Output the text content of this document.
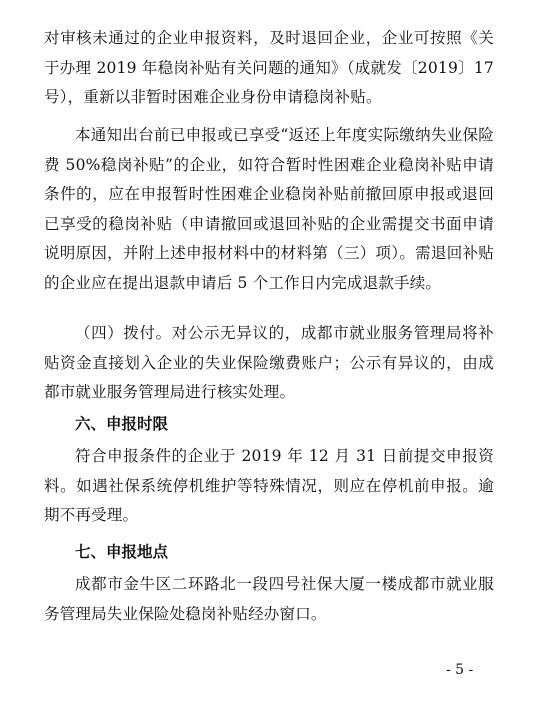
对审核未通过的企业申报资料，及时退回企业，企业可按照《关于办理 2019 年稳岗补贴有关问题的通知》（成就发〔2019〕17 号），重新以非暂时困难企业身份申请稳岗补贴。

本通知出台前已申报或已享受“返还上年度实际缴纳失业保险费 50%稳岗补贴”的企业，如符合暂时性困难企业稳岗补贴申请条件的，应在申报暂时性困难企业稳岗补贴前撤回原申报或退回已享受的稳岗补贴（申请撤回或退回补贴的企业需提交书面申请说明原因，并附上述申报材料中的材料第（三）项）。需退回补贴的企业应在提出退款申请后 5 个工作日内完成退款手续。

（四）拨付。对公示无异议的，成都市就业服务管理局将补贴资金直接划入企业的失业保险缴费账户；公示有异议的，由成都市就业服务管理局进行核实处理。

六、申报时限

符合申报条件的企业于 2019 年 12 月 31 日前提交申报资料。如遇社保系统停机维护等特殊情况，则应在停机前申报。逾期不再受理。

七、申报地点

成都市金牛区二环路北一段四号社保大厦一楼成都市就业服务管理局失业保险处稳岗补贴经办窗口。

- 5 -
